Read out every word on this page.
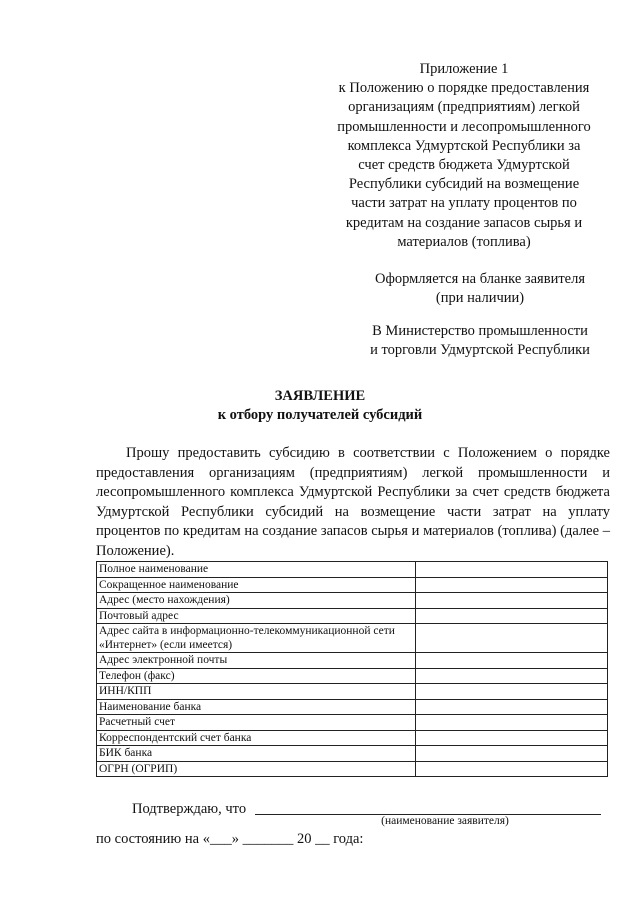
Приложение 1
к Положению о порядке предоставления
организациям (предприятиям) легкой
промышленности и лесопромышленного
комплекса Удмуртской Республики за
счет средств бюджета Удмуртской
Республики субсидий на возмещение
части затрат на уплату процентов по
кредитам на создание запасов сырья и
материалов (топлива)
Оформляется на бланке заявителя
(при наличии)
В Министерство промышленности
и торговли Удмуртской Республики
ЗАЯВЛЕНИЕ
к отбору получателей субсидий

Прошу предоставить субсидию в соответствии с Положением о порядке предоставления организациям (предприятиям) легкой промышленности и лесопромышленного комплекса Удмуртской Республики за счет средств бюджета Удмуртской Республики субсидий на возмещение части затрат на уплату процентов по кредитам на создание запасов сырья и материалов (топлива) (далее – Положение).

Полное наименование	
Сокращенное наименование	
Адрес (место нахождения)	
Почтовый адрес	
Адрес сайта в информационно-телекоммуникационной сети «Интернет» (если имеется)	
Адрес электронной почты	
Телефон (факс)	
ИНН/КПП	
Наименование банка	
Расчетный счет	
Корреспондентский счет банка	
БИК банка	
ОГРН (ОГРИП)	
Подтверждаю, что
(наименование заявителя)
по состоянию на «___» _______ 20 __ года:
